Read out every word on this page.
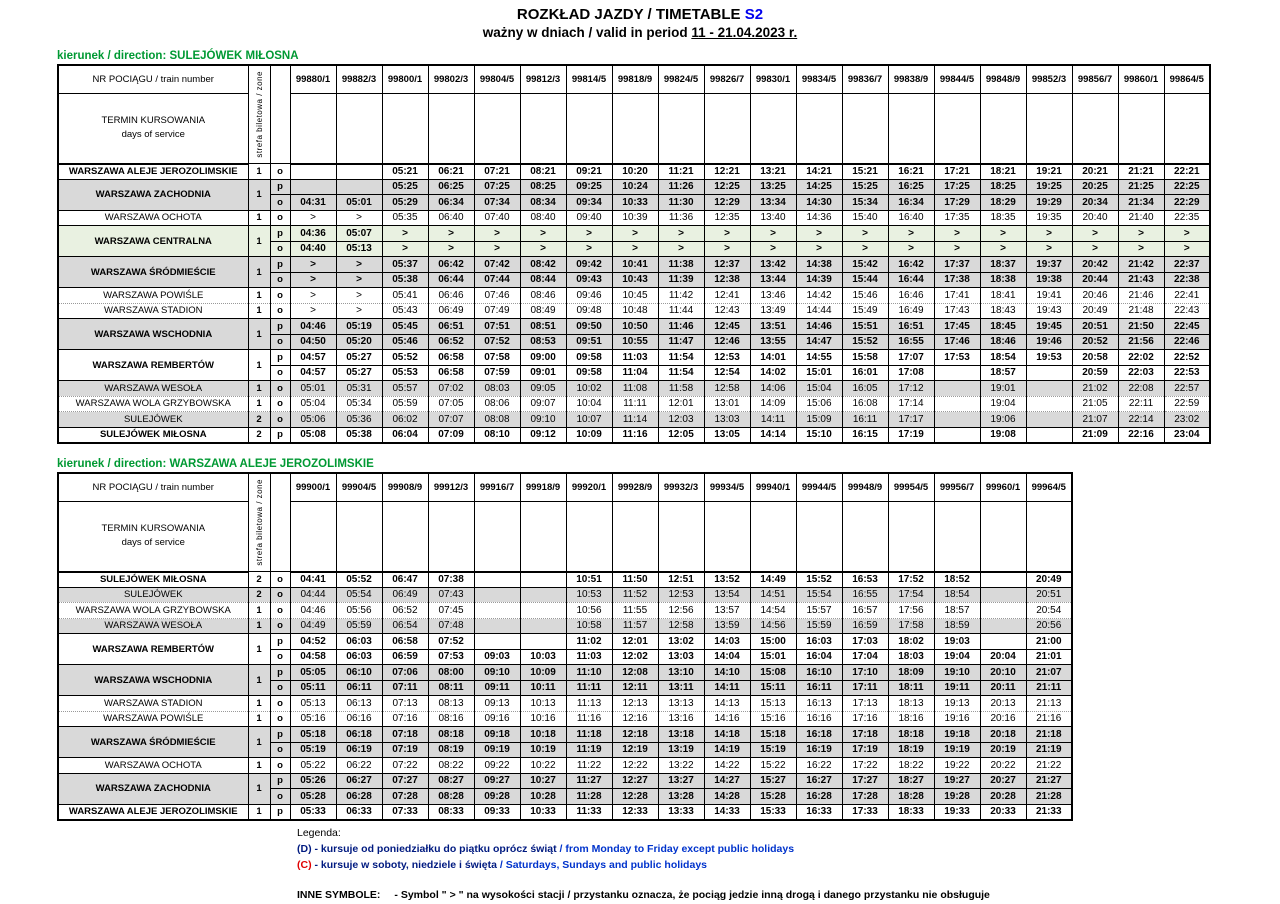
ROZKŁAD JAZDY / TIMETABLE S2
ważny w dniach / valid in period 11 - 21.04.2023 r.
kierunek / direction: SULEJÓWEK MIŁOSNA
NR POCIĄGU / train number	strefa biletowa / zone		99880/1	99882/3	99800/1	99802/3	99804/5	99812/3	99814/5	99818/9	99824/5	99826/7	99830/1	99834/5	99836/7	99838/9	99844/5	99848/9	99852/3	99856/7	99860/1	99864/5

TERMIN KURSOWANIA
days of service																						

WARSZAWA ALEJE JEROZOLIMSKIE	1	o			05:21	06:21	07:21	08:21	09:21	10:20	11:21	12:21	13:21	14:21	15:21	16:21	17:21	18:21	19:21	20:21	21:21	22:21
WARSZAWA ZACHODNIA	1	p			05:25	06:25	07:25	08:25	09:25	10:24	11:26	12:25	13:25	14:25	15:25	16:25	17:25	18:25	19:25	20:25	21:25	22:25
		o	04:31	05:01	05:29	06:34	07:34	08:34	09:34	10:33	11:30	12:29	13:34	14:30	15:34	16:34	17:29	18:29	19:29	20:34	21:34	22:29
WARSZAWA OCHOTA	1	o	>	>	05:35	06:40	07:40	08:40	09:40	10:39	11:36	12:35	13:40	14:36	15:40	16:40	17:35	18:35	19:35	20:40	21:40	22:35
WARSZAWA CENTRALNA	1	p	04:36	05:07	>	>	>	>	>	>	>	>	>	>	>	>	>	>	>	>	>	>
		o	04:40	05:13	>	>	>	>	>	>	>	>	>	>	>	>	>	>	>	>	>	>
WARSZAWA ŚRÓDMIEŚCIE	1	p	>	>	05:37	06:42	07:42	08:42	09:42	10:41	11:38	12:37	13:42	14:38	15:42	16:42	17:37	18:37	19:37	20:42	21:42	22:37
		o	>	>	05:38	06:44	07:44	08:44	09:43	10:43	11:39	12:38	13:44	14:39	15:44	16:44	17:38	18:38	19:38	20:44	21:43	22:38
WARSZAWA POWIŚLE	1	o	>	>	05:41	06:46	07:46	08:46	09:46	10:45	11:42	12:41	13:46	14:42	15:46	16:46	17:41	18:41	19:41	20:46	21:46	22:41
WARSZAWA STADION	1	o	>	>	05:43	06:49	07:49	08:49	09:48	10:48	11:44	12:43	13:49	14:44	15:49	16:49	17:43	18:43	19:43	20:49	21:48	22:43
WARSZAWA WSCHODNIA	1	p	04:46	05:19	05:45	06:51	07:51	08:51	09:50	10:50	11:46	12:45	13:51	14:46	15:51	16:51	17:45	18:45	19:45	20:51	21:50	22:45
		o	04:50	05:20	05:46	06:52	07:52	08:53	09:51	10:55	11:47	12:46	13:55	14:47	15:52	16:55	17:46	18:46	19:46	20:52	21:56	22:46
WARSZAWA REMBERTÓW	1	p	04:57	05:27	05:52	06:58	07:58	09:00	09:58	11:03	11:54	12:53	14:01	14:55	15:58	17:07	17:53	18:54	19:53	20:58	22:02	22:52
		o	04:57	05:27	05:53	06:58	07:59	09:01	09:58	11:04	11:54	12:54	14:02	15:01	16:01	17:08		18:57		20:59	22:03	22:53
WARSZAWA WESOŁA	1	o	05:01	05:31	05:57	07:02	08:03	09:05	10:02	11:08	11:58	12:58	14:06	15:04	16:05	17:12		19:01		21:02	22:08	22:57
WARSZAWA WOLA GRZYBOWSKA	1	o	05:04	05:34	05:59	07:05	08:06	09:07	10:04	11:11	12:01	13:01	14:09	15:06	16:08	17:14		19:04		21:05	22:11	22:59
SULEJÓWEK	2	o	05:06	05:36	06:02	07:07	08:08	09:10	10:07	11:14	12:03	13:03	14:11	15:09	16:11	17:17		19:06		21:07	22:14	23:02
SULEJÓWEK MIŁOSNA	2	p	05:08	05:38	06:04	07:09	08:10	09:12	10:09	11:16	12:05	13:05	14:14	15:10	16:15	17:19		19:08		21:09	22:16	23:04
kierunek / direction: WARSZAWA ALEJE JEROZOLIMSKIE
NR POCIĄGU / train number	strefa biletowa / zone		99900/1	99904/5	99908/9	99912/3	99916/7	99918/9	99920/1	99928/9	99932/3	99934/5	99940/1	99944/5	99948/9	99954/5	99956/7	99960/1	99964/5

TERMIN KURSOWANIA
days of service																			

SULEJÓWEK MIŁOSNA	2	o	04:41	05:52	06:47	07:38			10:51	11:50	12:51	13:52	14:49	15:52	16:53	17:52	18:52		20:49
SULEJÓWEK	2	o	04:44	05:54	06:49	07:43			10:53	11:52	12:53	13:54	14:51	15:54	16:55	17:54	18:54		20:51
WARSZAWA WOLA GRZYBOWSKA	1	o	04:46	05:56	06:52	07:45			10:56	11:55	12:56	13:57	14:54	15:57	16:57	17:56	18:57		20:54
WARSZAWA WESOŁA	1	o	04:49	05:59	06:54	07:48			10:58	11:57	12:58	13:59	14:56	15:59	16:59	17:58	18:59		20:56
WARSZAWA REMBERTÓW	1	p	04:52	06:03	06:58	07:52			11:02	12:01	13:02	14:03	15:00	16:03	17:03	18:02	19:03		21:00
		o	04:58	06:03	06:59	07:53	09:03	10:03	11:03	12:02	13:03	14:04	15:01	16:04	17:04	18:03	19:04	20:04	21:01
WARSZAWA WSCHODNIA	1	p	05:05	06:10	07:06	08:00	09:10	10:09	11:10	12:08	13:10	14:10	15:08	16:10	17:10	18:09	19:10	20:10	21:07
		o	05:11	06:11	07:11	08:11	09:11	10:11	11:11	12:11	13:11	14:11	15:11	16:11	17:11	18:11	19:11	20:11	21:11
WARSZAWA STADION	1	o	05:13	06:13	07:13	08:13	09:13	10:13	11:13	12:13	13:13	14:13	15:13	16:13	17:13	18:13	19:13	20:13	21:13
WARSZAWA POWIŚLE	1	o	05:16	06:16	07:16	08:16	09:16	10:16	11:16	12:16	13:16	14:16	15:16	16:16	17:16	18:16	19:16	20:16	21:16
WARSZAWA ŚRÓDMIEŚCIE	1	p	05:18	06:18	07:18	08:18	09:18	10:18	11:18	12:18	13:18	14:18	15:18	16:18	17:18	18:18	19:18	20:18	21:18
		o	05:19	06:19	07:19	08:19	09:19	10:19	11:19	12:19	13:19	14:19	15:19	16:19	17:19	18:19	19:19	20:19	21:19
WARSZAWA OCHOTA	1	o	05:22	06:22	07:22	08:22	09:22	10:22	11:22	12:22	13:22	14:22	15:22	16:22	17:22	18:22	19:22	20:22	21:22
WARSZAWA ZACHODNIA	1	p	05:26	06:27	07:27	08:27	09:27	10:27	11:27	12:27	13:27	14:27	15:27	16:27	17:27	18:27	19:27	20:27	21:27
		o	05:28	06:28	07:28	08:28	09:28	10:28	11:28	12:28	13:28	14:28	15:28	16:28	17:28	18:28	19:28	20:28	21:28
WARSZAWA ALEJE JEROZOLIMSKIE	1	p	05:33	06:33	07:33	08:33	09:33	10:33	11:33	12:33	13:33	14:33	15:33	16:33	17:33	18:33	19:33	20:33	21:33
Legenda:
(D) - kursuje od poniedziałku do piątku oprócz świąt / from Monday to Friday except public holidays
(C) - kursuje w soboty, niedziele i święta / Saturdays, Sundays and public holidays
INNE SYMBOLE: - Symbol " > " na wysokości stacji / przystanku oznacza, że pociąg jedzie inną drogą i danego przystanku nie obsługuje
